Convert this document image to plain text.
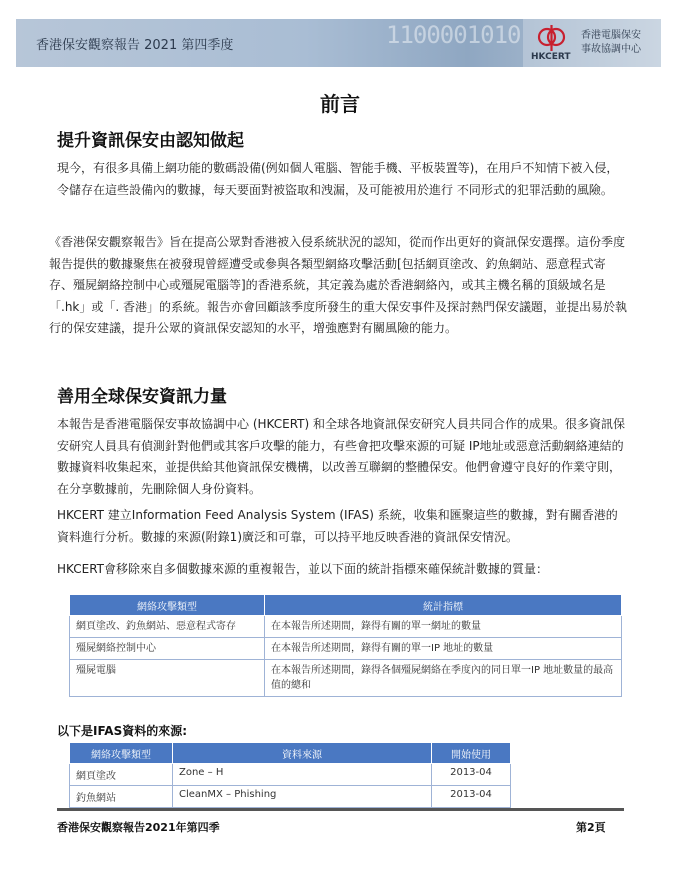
香港保安觀察報告 2021 第四季度	1100001010
HKCERT
香港電腦保安
事故協調中心
前言
提升資訊保安由認知做起

現今，有很多具備上網功能的數碼設備(例如個人電腦、智能手機、平板裝置等)，在用戶不知情下被入侵，令儲存在這些設備內的數據，每天要面對被盜取和洩漏，及可能被用於進行 不同形式的犯罪活動的風險。

《香港保安觀察報告》旨在提高公眾對香港被入侵系統狀況的認知，從而作出更好的資訊保安選擇。這份季度報告提供的數據聚焦在被發現曾經遭受或參與各類型網絡攻擊活動[包括網頁塗改、釣魚網站、惡意程式寄存、殭屍網絡控制中心或殭屍電腦等]的香港系統，其定義為處於香港網絡內，或其主機名稱的頂級域名是「.hk」或「. 香港」的系統。報告亦會回顧該季度所發生的重大保安事件及探討熱門保安議題，並提出易於執行的保安建議，提升公眾的資訊保安認知的水平，增強應對有關風險的能力。

善用全球保安資訊力量

本報告是香港電腦保安事故協調中心 (HKCERT) 和全球各地資訊保安研究人員共同合作的成果。很多資訊保安研究人員具有偵測針對他們或其客戶攻擊的能力，有些會把攻擊來源的可疑 IP地址或惡意活動網絡連結的數據資料收集起來，並提供給其他資訊保安機構，以改善互聯網的整體保安。他們會遵守良好的作業守則，在分享數據前，先刪除個人身份資料。

HKCERT 建立Information Feed Analysis System (IFAS) 系統，收集和匯聚這些的數據，對有關香港的資料進行分析。數據的來源(附錄1)廣泛和可靠，可以持平地反映香港的資訊保安情況。

HKCERT會移除來自多個數據來源的重複報告，並以下面的統計指標來確保統計數據的質量：

網絡攻擊類型	統計指標
網頁塗改、釣魚網站、惡意程式寄存	在本報告所述期間，錄得有關的單一網址的數量
殭屍網絡控制中心	在本報告所述期間，錄得有關的單一IP 地址的數量
殭屍電腦	在本報告所述期間，錄得各個殭屍網絡在季度內的同日單一IP 地址數量的最高值的總和
以下是IFAS資料的來源:
網絡攻擊類型	資料來源	開始使用
網頁塗改	Zone – H	2013-04
釣魚網站	CleanMX – Phishing	2013-04
香港保安觀察報告2021年第四季	第2頁
